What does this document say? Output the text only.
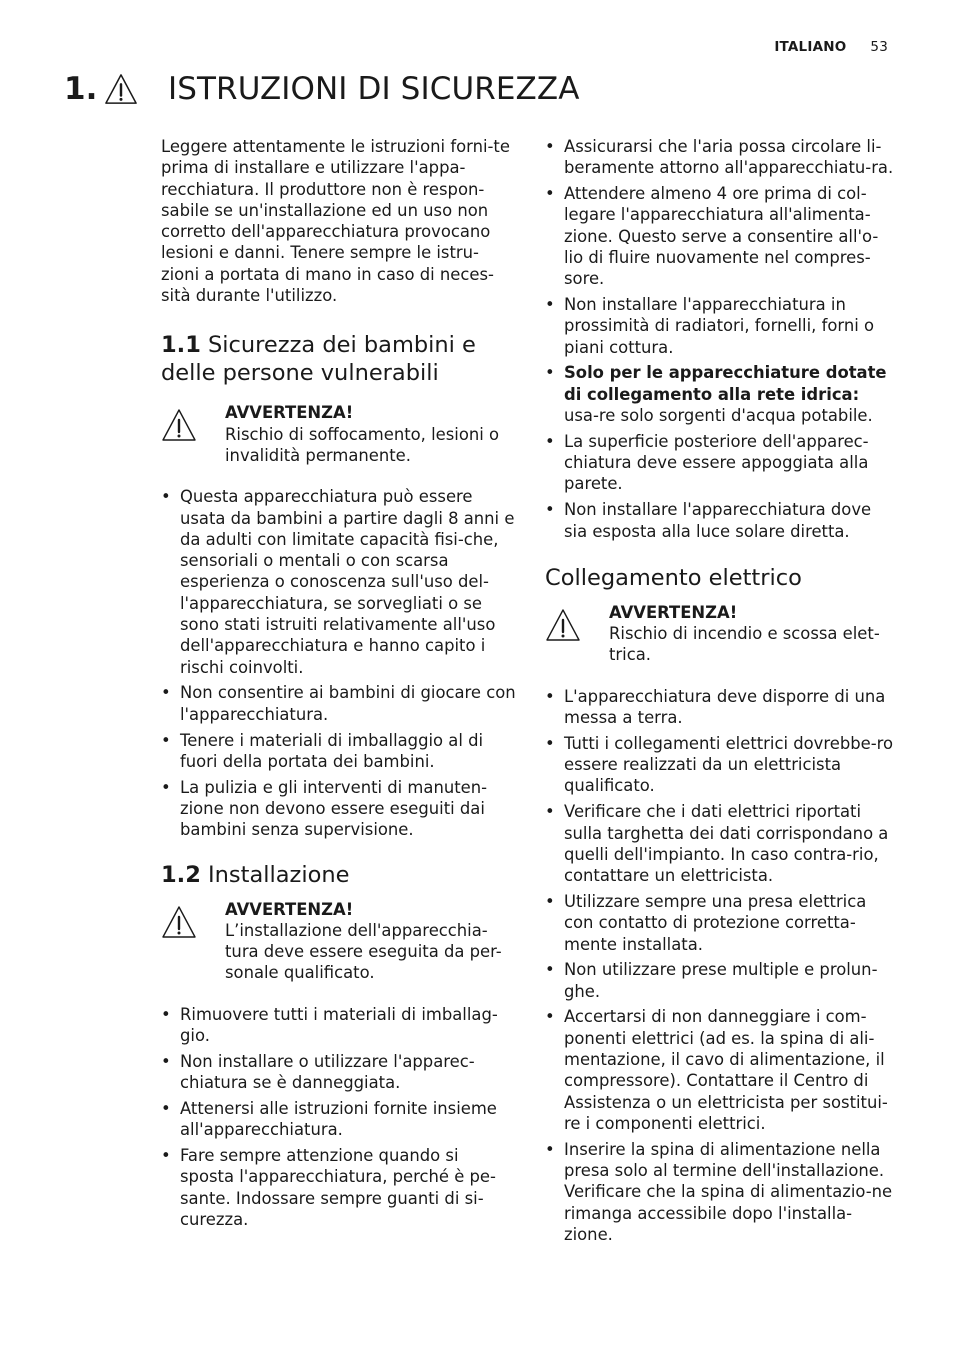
ITALIANO 53
1. ISTRUZIONI DI SICUREZZA

Leggere attentamente le istruzioni forni-te prima di installare e utilizzare l'appa-recchiatura. Il produttore non è respon-sabile se un'installazione ed un uso non corretto dell'apparecchiatura provocano lesioni e danni. Tenere sempre le istru-zioni a portata di mano in caso di neces-sità durante l'utilizzo.

1.1 Sicurezza dei bambini e delle persone vulnerabili
AVVERTENZA!
Rischio di soffocamento, lesioni o invalidità permanente.
• Questa apparecchiatura può essere usata da bambini a partire dagli 8 anni e da adulti con limitate capacità fisi-che, sensoriali o mentali o con scarsa esperienza o conoscenza sull'uso del-l'apparecchiatura, se sorvegliati o se sono stati istruiti relativamente all'uso dell'apparecchiatura e hanno capito i rischi coinvolti.
• Non consentire ai bambini di giocare con l'apparecchiatura.
• Tenere i materiali di imballaggio al di fuori della portata dei bambini.
• La pulizia e gli interventi di manuten-zione non devono essere eseguiti dai bambini senza supervisione.
1.2 Installazione
AVVERTENZA!
L’installazione dell'apparecchia-tura deve essere eseguita da per-sonale qualificato.
• Rimuovere tutti i materiali di imballag-gio.
• Non installare o utilizzare l'apparec-chiatura se è danneggiata.
• Attenersi alle istruzioni fornite insieme all'apparecchiatura.
• Fare sempre attenzione quando si sposta l'apparecchiatura, perché è pe-sante. Indossare sempre guanti di si-curezza.
• Assicurarsi che l'aria possa circolare li-beramente attorno all'apparecchiatu-ra.
• Attendere almeno 4 ore prima di col-legare l'apparecchiatura all'alimenta-zione. Questo serve a consentire all'o-lio di fluire nuovamente nel compres-sore.
• Non installare l'apparecchiatura in prossimità di radiatori, fornelli, forni o piani cottura.
• Solo per le apparecchiature dotate di collegamento alla rete idrica: usa-re solo sorgenti d'acqua potabile.
• La superficie posteriore dell'apparec-chiatura deve essere appoggiata alla parete.
• Non installare l'apparecchiatura dove sia esposta alla luce solare diretta.
Collegamento elettrico
AVVERTENZA!
Rischio di incendio e scossa elet-trica.
• L'apparecchiatura deve disporre di una messa a terra.
• Tutti i collegamenti elettrici dovrebbe-ro essere realizzati da un elettricista qualificato.
• Verificare che i dati elettrici riportati sulla targhetta dei dati corrispondano a quelli dell'impianto. In caso contra-rio, contattare un elettricista.
• Utilizzare sempre una presa elettrica con contatto di protezione corretta-mente installata.
• Non utilizzare prese multiple e prolun-ghe.
• Accertarsi di non danneggiare i com-ponenti elettrici (ad es. la spina di ali-mentazione, il cavo di alimentazione, il compressore). Contattare il Centro di Assistenza o un elettricista per sostitui-re i componenti elettrici.
• Inserire la spina di alimentazione nella presa solo al termine dell'installazione. Verificare che la spina di alimentazio-ne rimanga accessibile dopo l'installa-zione.
